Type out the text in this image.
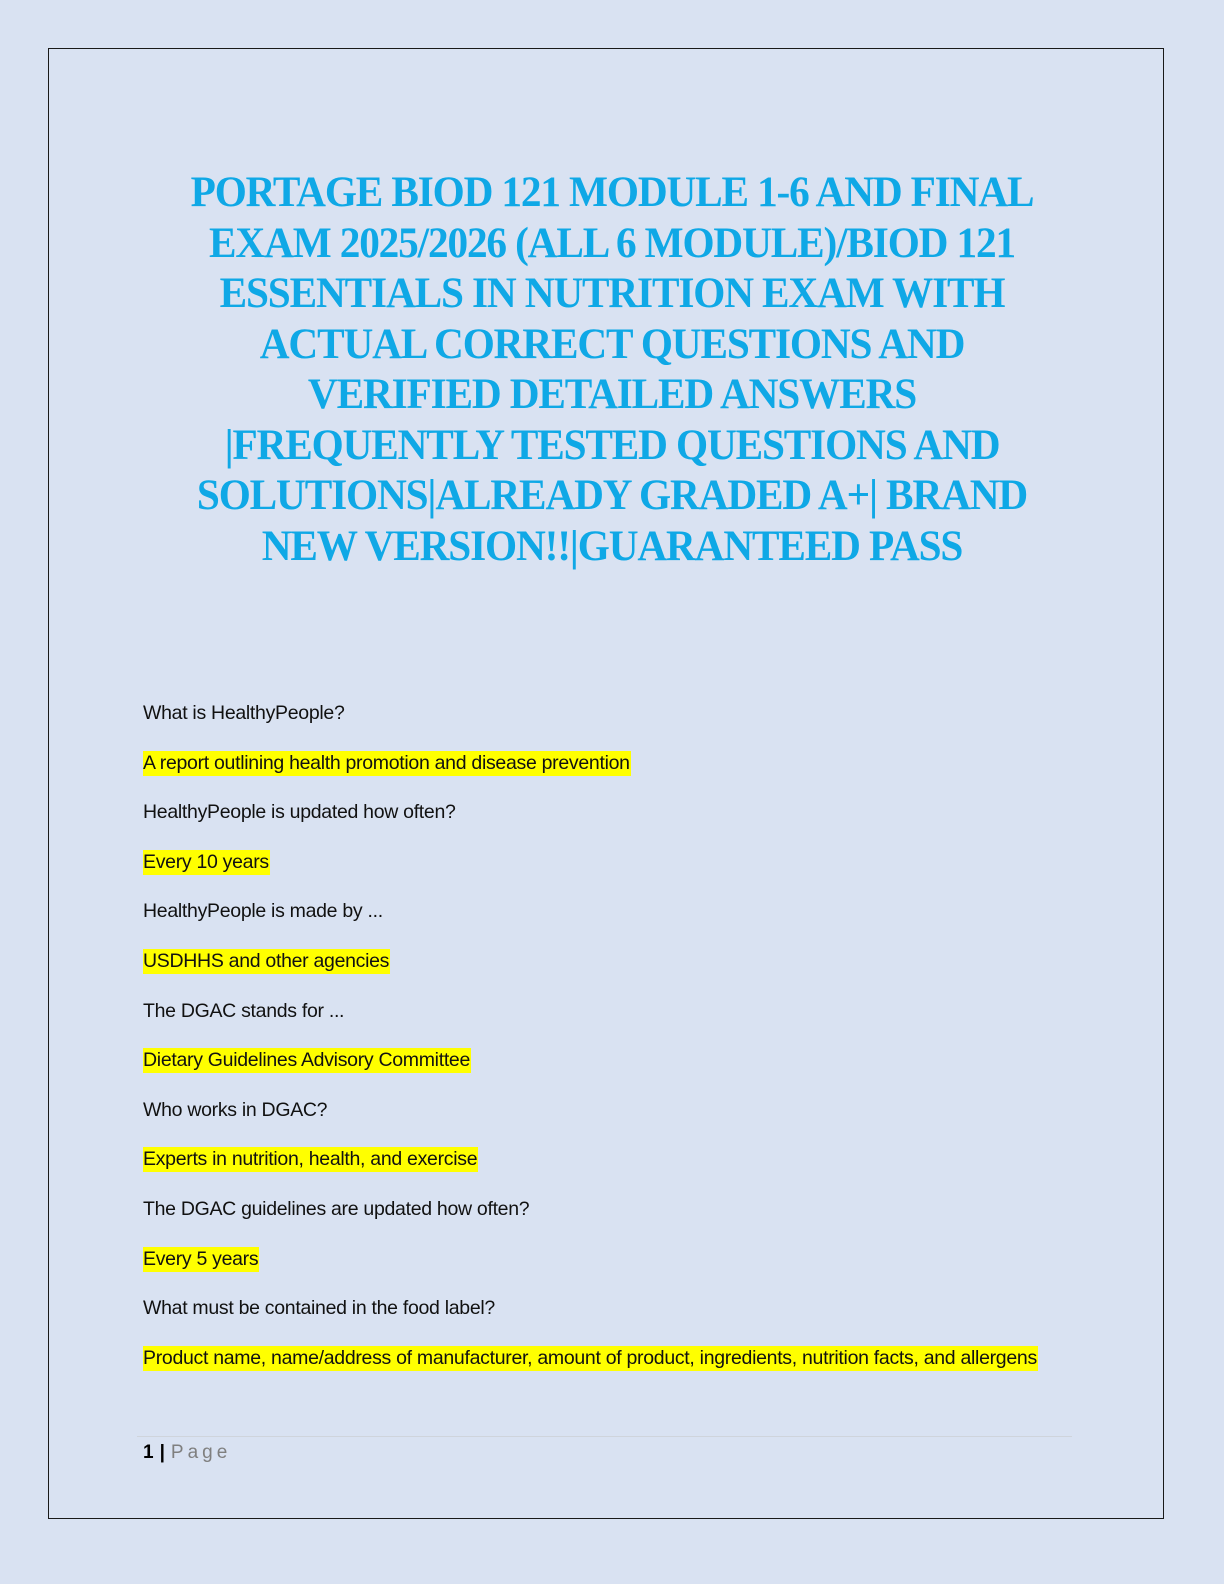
PORTAGE BIOD 121 MODULE 1-6 AND FINAL
EXAM 2025/2026 (ALL 6 MODULE)/BIOD 121
ESSENTIALS IN NUTRITION EXAM WITH
ACTUAL CORRECT QUESTIONS AND
VERIFIED DETAILED ANSWERS
|FREQUENTLY TESTED QUESTIONS AND
SOLUTIONS|ALREADY GRADED A+| BRAND
NEW VERSION!!|GUARANTEED PASS
What is HealthyPeople?
A report outlining health promotion and disease prevention
HealthyPeople is updated how often?
Every 10 years
HealthyPeople is made by ...
USDHHS and other agencies
The DGAC stands for ...
Dietary Guidelines Advisory Committee
Who works in DGAC?
Experts in nutrition, health, and exercise
The DGAC guidelines are updated how often?
Every 5 years
What must be contained in the food label?
Product name, name/address of manufacturer, amount of product, ingredients, nutrition facts, and allergens
1 | Page
